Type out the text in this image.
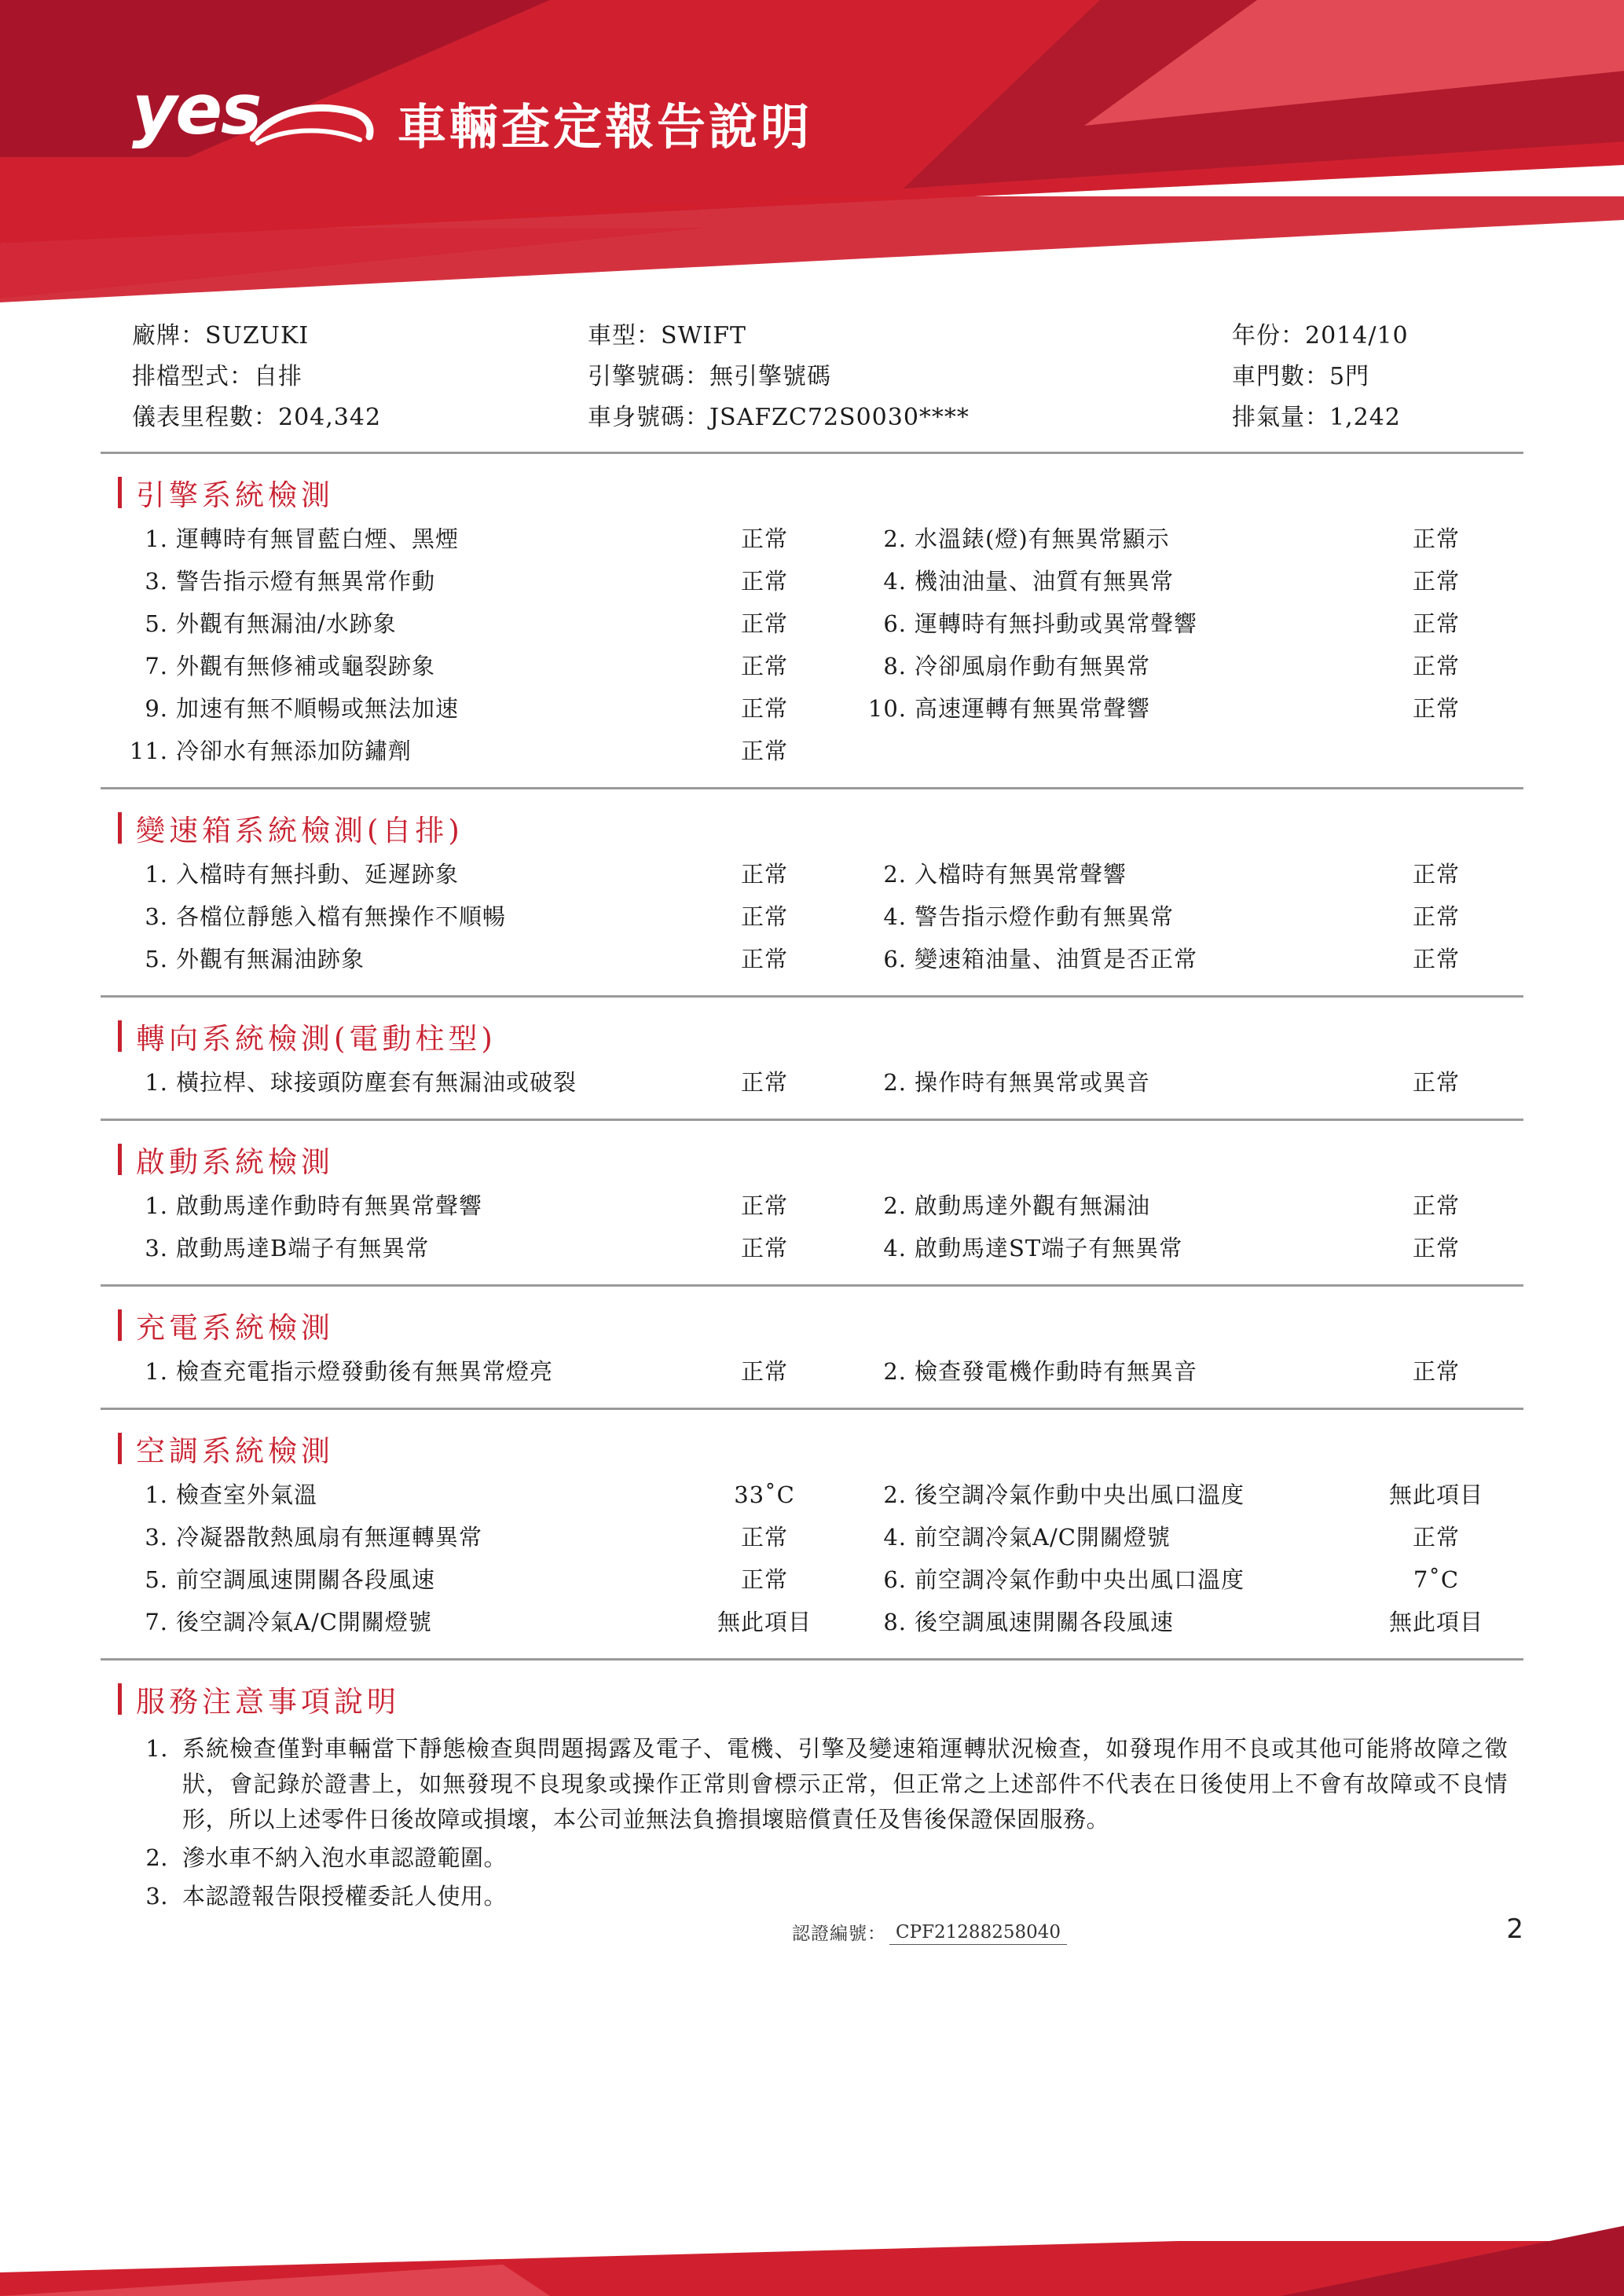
yes	車輛查定報告說明
廠牌：SUZUKI	車型：SWIFT	年份：2014/10
排檔型式：自排	引擎號碼：無引擎號碼	車門數：5門
儀表里程數：204,342	車身號碼：JSAFZC72S0030****	排氣量：1,242
引擎系統檢測
1. 運轉時有無冒藍白煙、黑煙	正常	2. 水溫錶(燈)有無異常顯示	正常
3. 警告指示燈有無異常作動	正常	4. 機油油量、油質有無異常	正常
5. 外觀有無漏油/水跡象	正常	6. 運轉時有無抖動或異常聲響	正常
7. 外觀有無修補或龜裂跡象	正常	8. 冷卻風扇作動有無異常	正常
9. 加速有無不順暢或無法加速	正常	10. 高速運轉有無異常聲響	正常
11. 冷卻水有無添加防鏽劑	正常
變速箱系統檢測(自排)
1. 入檔時有無抖動、延遲跡象	正常	2. 入檔時有無異常聲響	正常
3. 各檔位靜態入檔有無操作不順暢	正常	4. 警告指示燈作動有無異常	正常
5. 外觀有無漏油跡象	正常	6. 變速箱油量、油質是否正常	正常
轉向系統檢測(電動柱型)
1. 橫拉桿、球接頭防塵套有無漏油或破裂	正常	2. 操作時有無異常或異音	正常
啟動系統檢測
1. 啟動馬達作動時有無異常聲響	正常	2. 啟動馬達外觀有無漏油	正常
3. 啟動馬達B端子有無異常	正常	4. 啟動馬達ST端子有無異常	正常
充電系統檢測
1. 檢查充電指示燈發動後有無異常燈亮	正常	2. 檢查發電機作動時有無異音	正常
空調系統檢測
1. 檢查室外氣溫	33˚C	2. 後空調冷氣作動中央出風口溫度	無此項目
3. 冷凝器散熱風扇有無運轉異常	正常	4. 前空調冷氣A/C開關燈號	正常
5. 前空調風速開關各段風速	正常	6. 前空調冷氣作動中央出風口溫度	7˚C
7. 後空調冷氣A/C開關燈號	無此項目	8. 後空調風速開關各段風速	無此項目
服務注意事項說明
1. 系統檢查僅對車輛當下靜態檢查與問題揭露及電子、電機、引擎及變速箱運轉狀況檢查，如發現作用不良或其他可能將故障之徵狀，會記錄於證書上，如無發現不良現象或操作正常則會標示正常，但正常之上述部件不代表在日後使用上不會有故障或不良情形，所以上述零件日後故障或損壞，本公司並無法負擔損壞賠償責任及售後保證保固服務。
2. 滲水車不納入泡水車認證範圍。
3. 本認證報告限授權委託人使用。
認證編號： CPF21288258040	2
